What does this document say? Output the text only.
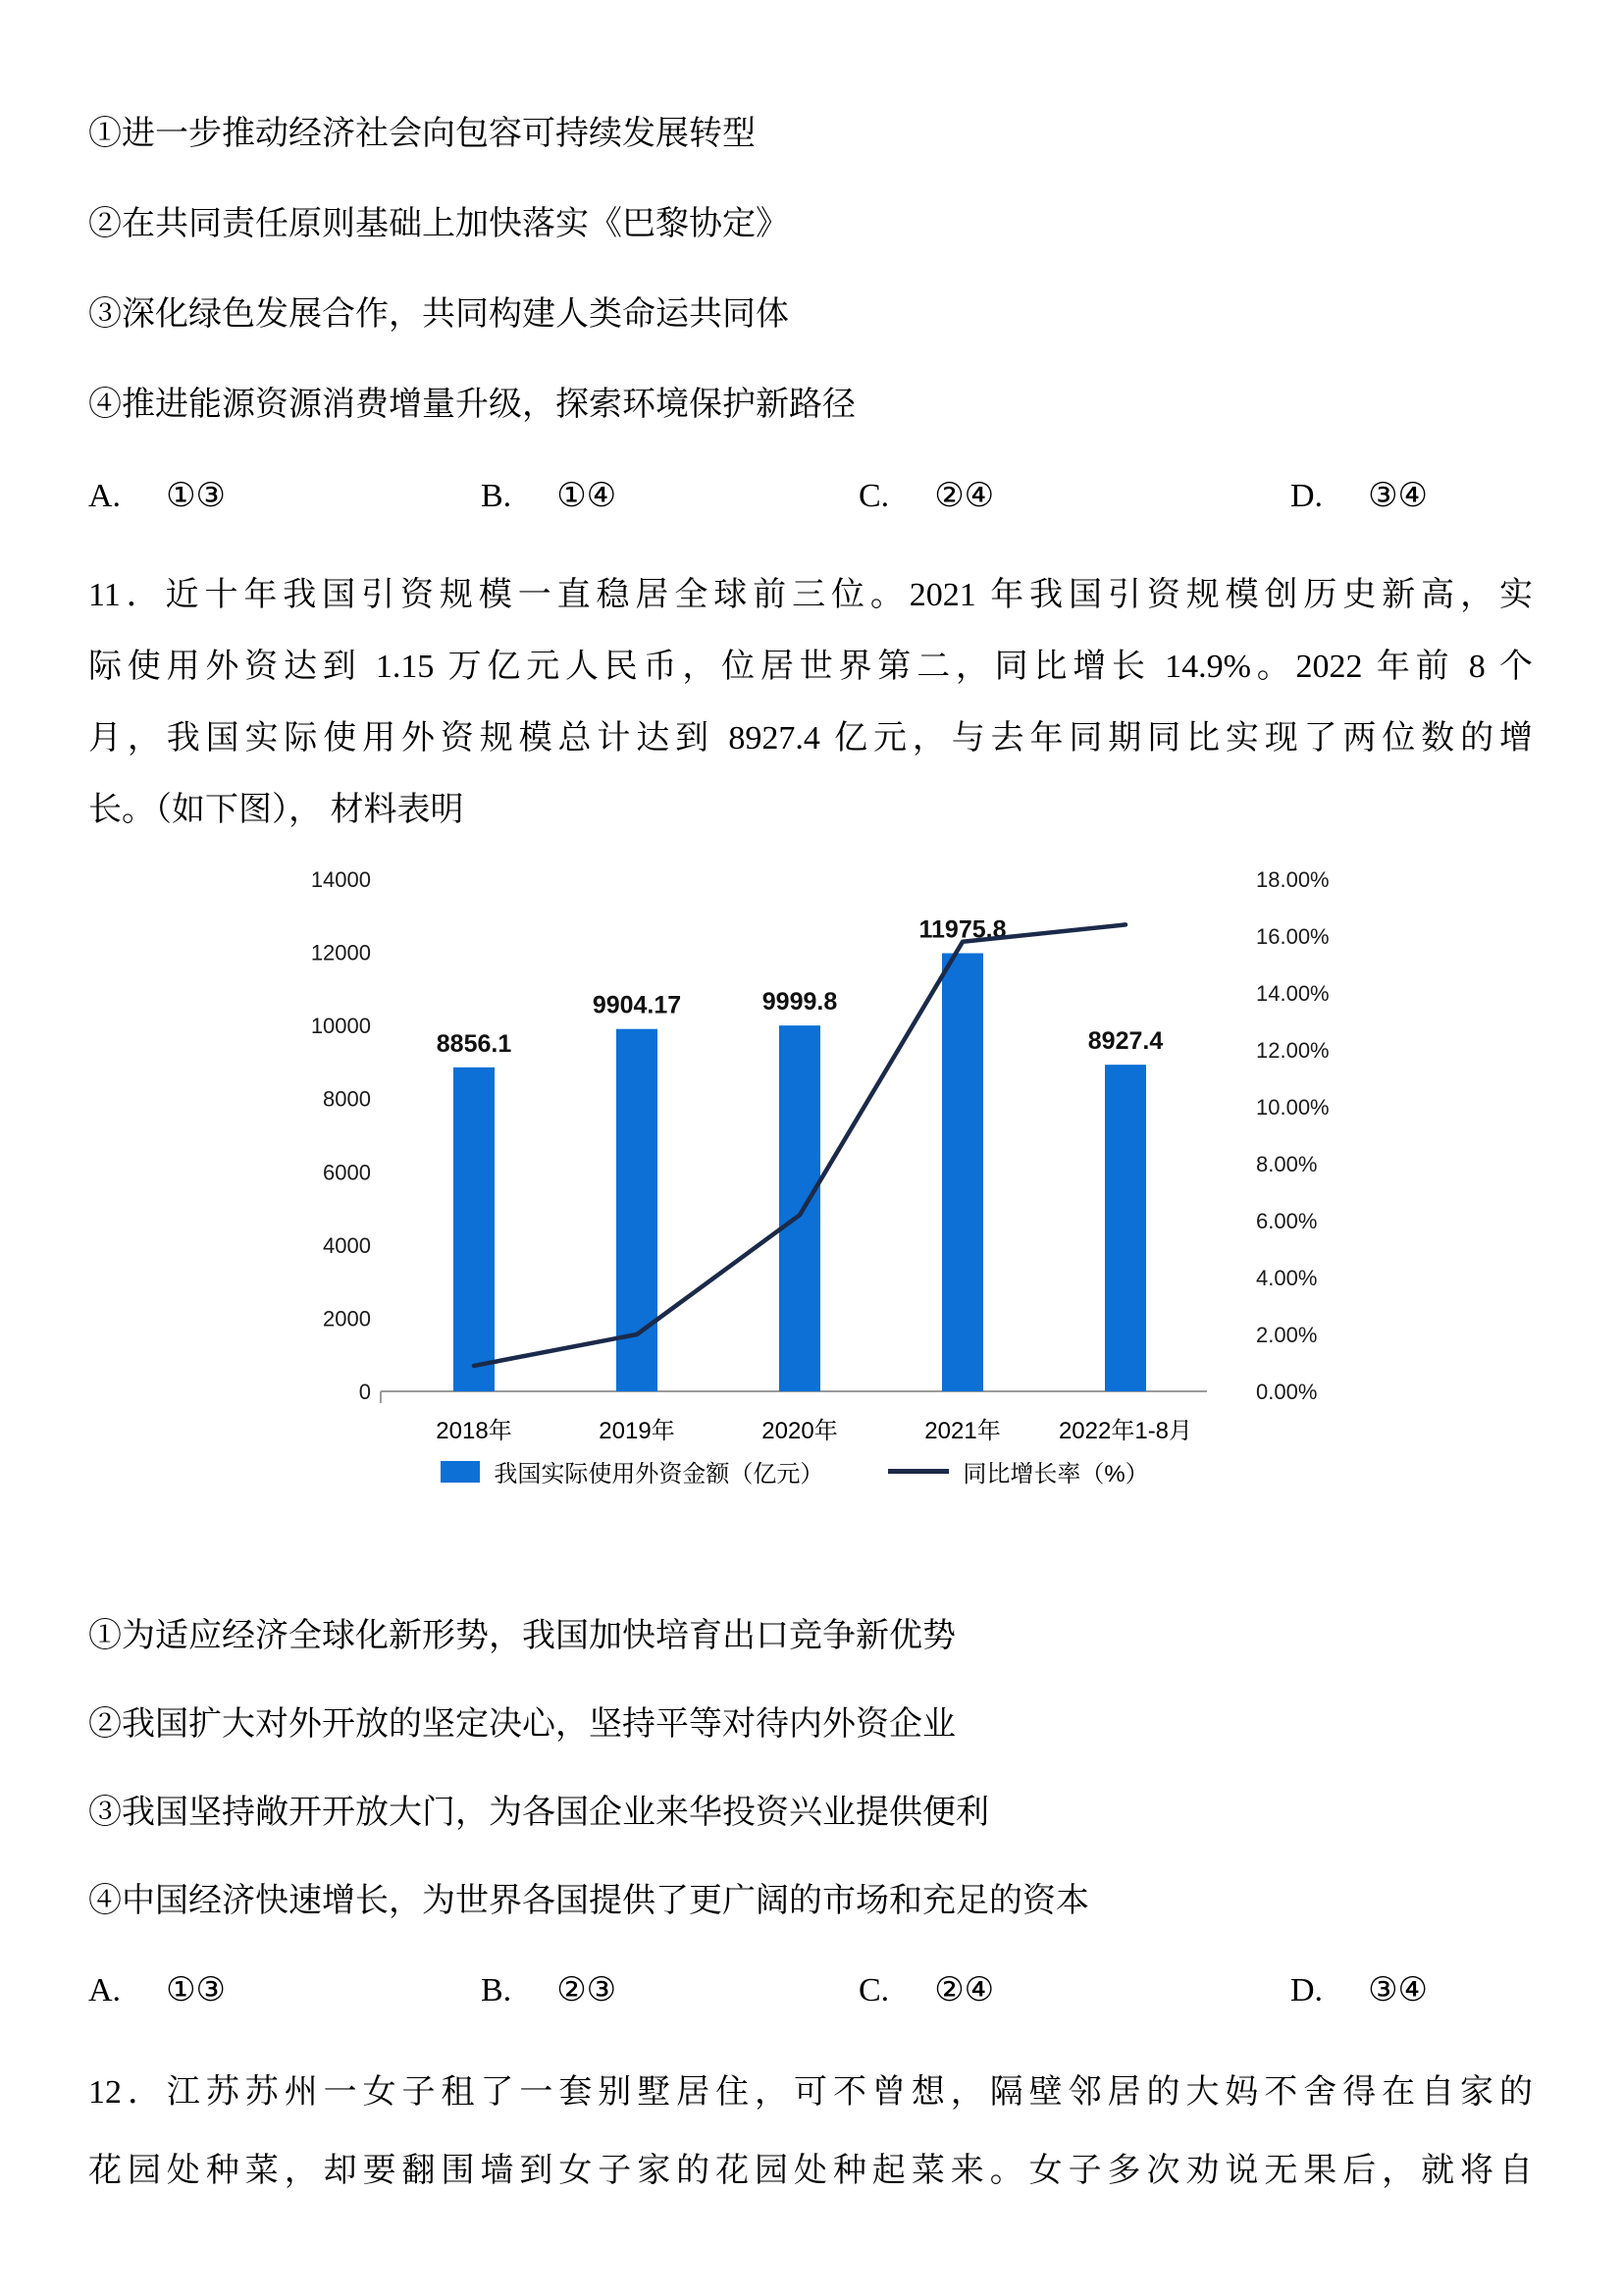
①进一步推动经济社会向包容可持续发展转型
②在共同责任原则基础上加快落实《巴黎协定》
③深化绿色发展合作，共同构建人类命运共同体
④推进能源资源消费增量升级，探索环境保护新路径
A. ①③	B. ①④	C. ②④	D. ③④
11．近十年我国引资规模一直稳居全球前三位。2021 年我国引资规模创历史新高，实
际使用外资达到 1.15 万亿元人民币，位居世界第二，同比增长 14.9%。2022 年前 8 个
月，我国实际使用外资规模总计达到 8927.4 亿元，与去年同期同比实现了两位数的增
长。（如下图）， 材料表明
0
2000
4000
6000
8000
10000
12000
14000
0.00%
2.00%
4.00%
6.00%
8.00%
10.00%
12.00%
14.00%
16.00%
18.00%
8856.1
2018年
9904.17
2019年
9999.8
2020年
11975.8
2021年
8927.4
2022年1-8月
我国实际使用外资金额（亿元）	同比增长率（%）
①为适应经济全球化新形势，我国加快培育出口竞争新优势
②我国扩大对外开放的坚定决心，坚持平等对待内外资企业
③我国坚持敞开开放大门，为各国企业来华投资兴业提供便利
④中国经济快速增长，为世界各国提供了更广阔的市场和充足的资本
A. ①③	B. ②③	C. ②④	D. ③④
12．江苏苏州一女子租了一套别墅居住，可不曾想，隔壁邻居的大妈不舍得在自家的
花园处种菜，却要翻围墙到女子家的花园处种起菜来。女子多次劝说无果后，就将自
